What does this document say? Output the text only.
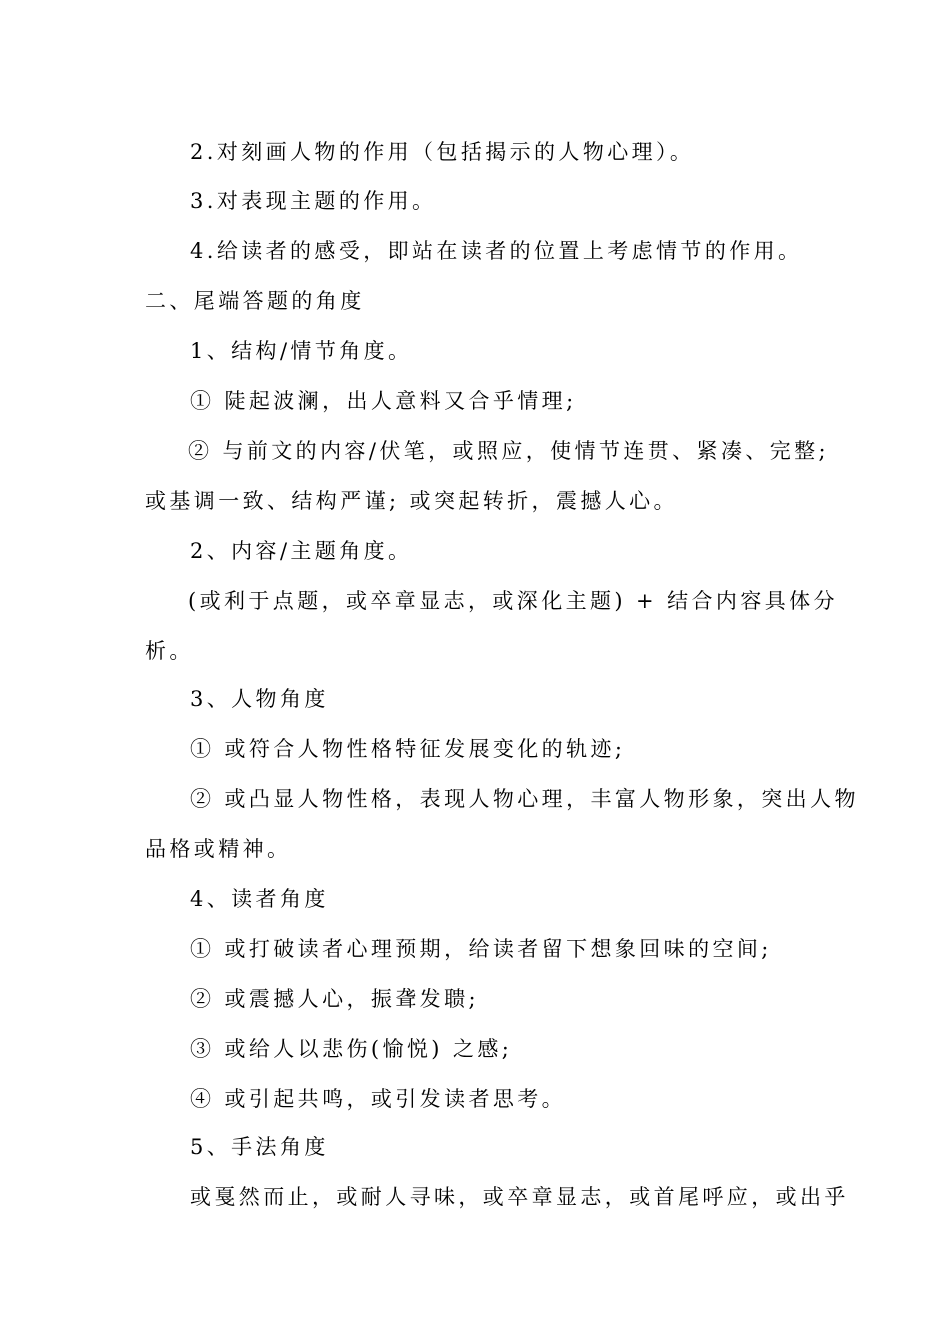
2.对刻画人物的作用（包括揭示的人物心理）。
3.对表现主题的作用。
4.给读者的感受，即站在读者的位置上考虑情节的作用。
二、尾端答题的角度
1、结构/情节角度。
① 陡起波澜，出人意料又合乎情理;
② 与前文的内容/伏笔，或照应，使情节连贯、紧凑、完整;
或基调一致、结构严谨; 或突起转折，震撼人心。
2、内容/主题角度。
(或利于点题，或卒章显志，或深化主题) + 结合内容具体分
析。
3、人物角度
① 或符合人物性格特征发展变化的轨迹;
② 或凸显人物性格，表现人物心理，丰富人物形象，突出人物
品格或精神。
4、读者角度
① 或打破读者心理预期，给读者留下想象回味的空间;
② 或震撼人心，振聋发聩;
③ 或给人以悲伤(愉悦) 之感;
④ 或引起共鸣，或引发读者思考。
5、手法角度
或戛然而止，或耐人寻味，或卒章显志，或首尾呼应，或出乎
